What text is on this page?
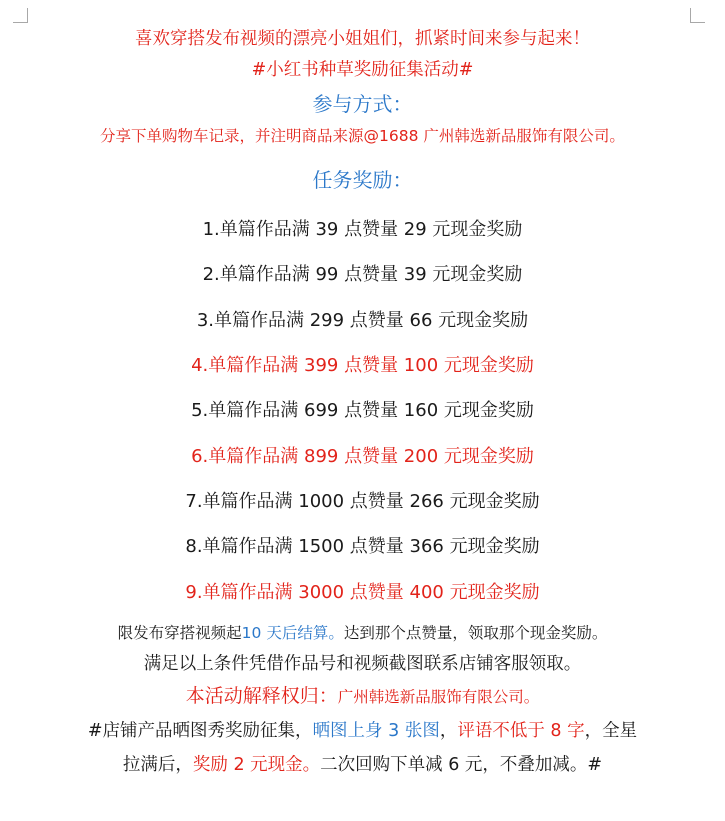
喜欢穿搭发布视频的漂亮小姐姐们，抓紧时间来参与起来！
#小红书种草奖励征集活动#
参与方式：
分享下单购物车记录，并注明商品来源@1688 广州韩选新品服饰有限公司。
任务奖励：
1.单篇作品满 39 点赞量 29 元现金奖励
2.单篇作品满 99 点赞量 39 元现金奖励
3.单篇作品满 299 点赞量 66 元现金奖励
4.单篇作品满 399 点赞量 100 元现金奖励
5.单篇作品满 699 点赞量 160 元现金奖励
6.单篇作品满 899 点赞量 200 元现金奖励
7.单篇作品满 1000 点赞量 266 元现金奖励
8.单篇作品满 1500 点赞量 366 元现金奖励
9.单篇作品满 3000 点赞量 400 元现金奖励
限发布穿搭视频起10 天后结算。达到那个点赞量，领取那个现金奖励。
满足以上条件凭借作品号和视频截图联系店铺客服领取。
本活动解释权归：广州韩选新品服饰有限公司。
#店铺产品晒图秀奖励征集，晒图上身 3 张图，评语不低于 8 字，全星
拉满后，奖励 2 元现金。二次回购下单减 6 元，不叠加减。#
